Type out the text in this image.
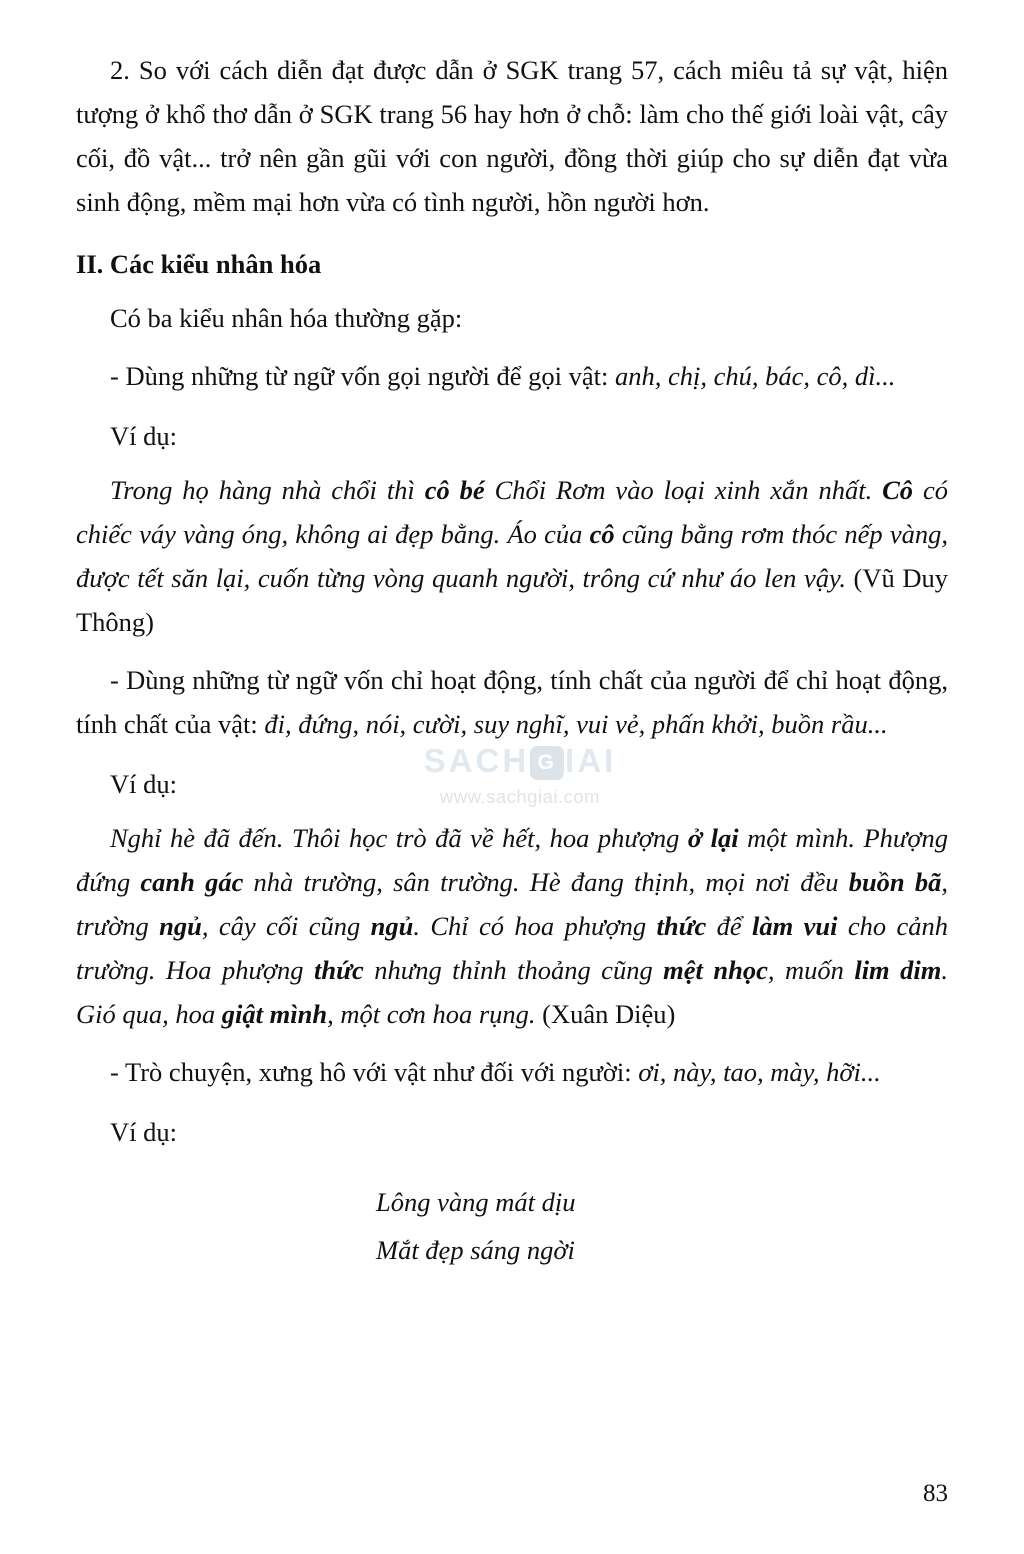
2. So với cách diễn đạt được dẫn ở SGK trang 57, cách miêu tả sự vật, hiện tượng ở khổ thơ dẫn ở SGK trang 56 hay hơn ở chỗ: làm cho thế giới loài vật, cây cối, đồ vật... trở nên gần gũi với con người, đồng thời giúp cho sự diễn đạt vừa sinh động, mềm mại hơn vừa có tình người, hồn người hơn.

II. Các kiểu nhân hóa

Có ba kiểu nhân hóa thường gặp:

- Dùng những từ ngữ vốn gọi người để gọi vật: anh, chị, chú, bác, cô, dì...

Ví dụ:

Trong họ hàng nhà chổi thì cô bé Chổi Rơm vào loại xinh xắn nhất. Cô có chiếc váy vàng óng, không ai đẹp bằng. Áo của cô cũng bằng rơm thóc nếp vàng, được tết săn lại, cuốn từng vòng quanh người, trông cứ như áo len vậy. (Vũ Duy Thông)

- Dùng những từ ngữ vốn chỉ hoạt động, tính chất của người để chỉ hoạt động, tính chất của vật: đi, đứng, nói, cười, suy nghĩ, vui vẻ, phấn khởi, buồn rầu...

Ví dụ:

Nghỉ hè đã đến. Thôi học trò đã về hết, hoa phượng ở lại một mình. Phượng đứng canh gác nhà trường, sân trường. Hè đang thịnh, mọi nơi đều buồn bã, trường ngủ, cây cối cũng ngủ. Chỉ có hoa phượng thức để làm vui cho cảnh trường. Hoa phượng thức nhưng thỉnh thoảng cũng mệt nhọc, muốn lim dim. Gió qua, hoa giật mình, một cơn hoa rụng. (Xuân Diệu)

- Trò chuyện, xưng hô với vật như đối với người: ơi, này, tao, mày, hỡi...

Ví dụ:

Lông vàng mát dịu
Mắt đẹp sáng ngời
SACH G IAI
www.sachgiai.com
83
